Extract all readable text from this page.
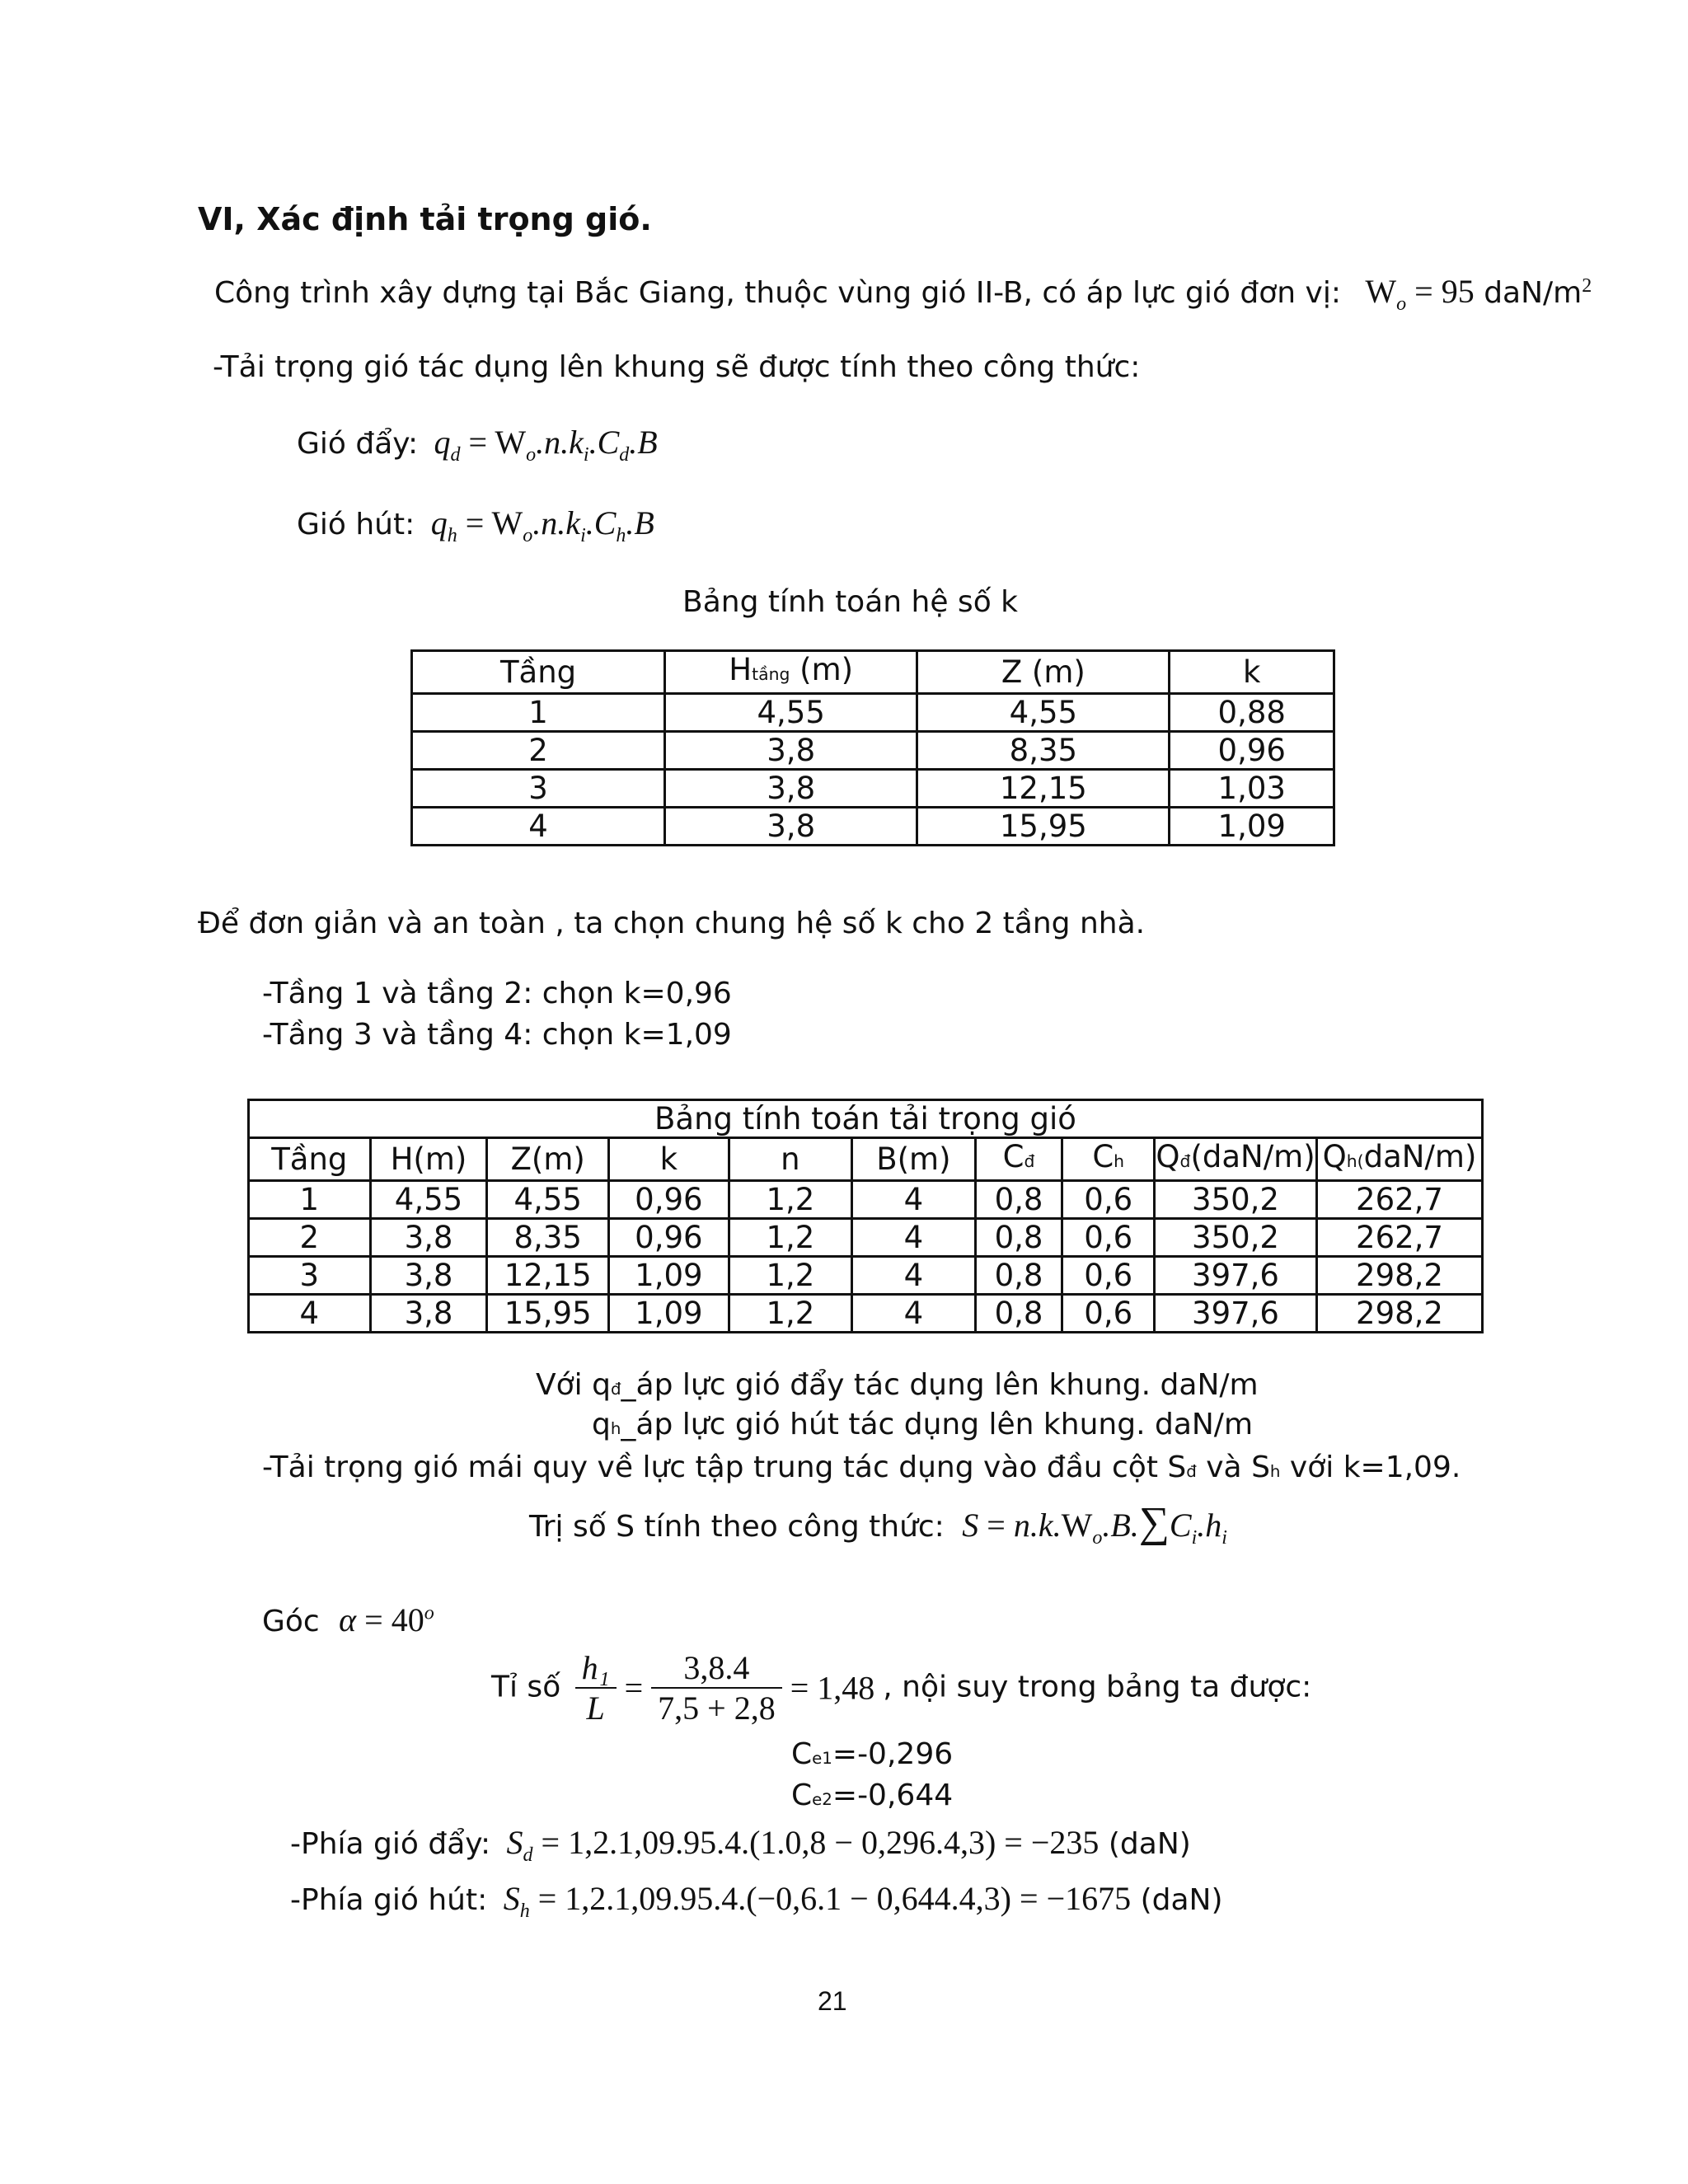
VI, Xác định tải trọng gió.
Công trình xây dựng tại Bắc Giang, thuộc vùng gió II-B, có áp lực gió đơn vị: $W_o = 95$ daN/$m^2$
-Tải trọng gió tác dụng lên khung sẽ được tính theo công thức:
Gió đẩy: $q_d = W_o.n.k_i.C_d.B$
Gió hút: $q_h = W_o.n.k_i.C_h.B$
Bảng tính toán hệ số k
Tầng	Htầng (m)	Z (m)	k
1	4,55	4,55	0,88
2	3,8	8,35	0,96
3	3,8	12,15	1,03
4	3,8	15,95	1,09
Để đơn giản và an toàn , ta chọn chung hệ số k cho 2 tầng nhà.
-Tầng 1 và tầng 2: chọn k=0,96
-Tầng 3 và tầng 4: chọn k=1,09
Bảng tính toán tải trọng gió									
Tầng	H(m)	Z(m)	k	n	B(m)	Cđ	Ch	Qđ(daN/m)	Qh(daN/m)
1	4,55	4,55	0,96	1,2	4	0,8	0,6	350,2	262,7
2	3,8	8,35	0,96	1,2	4	0,8	0,6	350,2	262,7
3	3,8	12,15	1,09	1,2	4	0,8	0,6	397,6	298,2
4	3,8	15,95	1,09	1,2	4	0,8	0,6	397,6	298,2
Với qđ_áp lực gió đẩy tác dụng lên khung. daN/m
qh_áp lực gió hút tác dụng lên khung. daN/m
-Tải trọng gió mái quy về lực tập trung tác dụng vào đầu cột Sđ và Sh với k=1,09.
Trị số S tính theo công thức: $S = n.k.W_o.B.\sum C_i.h_i$
Góc $\alpha = 40^o$
Tỉ số $\frac{\text{h₁}}{L} = \frac{3,8.4}{7,5 + 2,8} = 1,48$ , nội suy trong bảng ta được:
Ce1=-0,296
Ce2=-0,644
-Phía gió đẩy: $S_d = 1,2.1,09.95.4.(1.0,8 - 0,296.4,3) = -235$ (daN)
-Phía gió hút: $S_h = 1,2.1,09.95.4.(-0,6.1 - 0,644.4,3) = -1675$ (daN)
21
